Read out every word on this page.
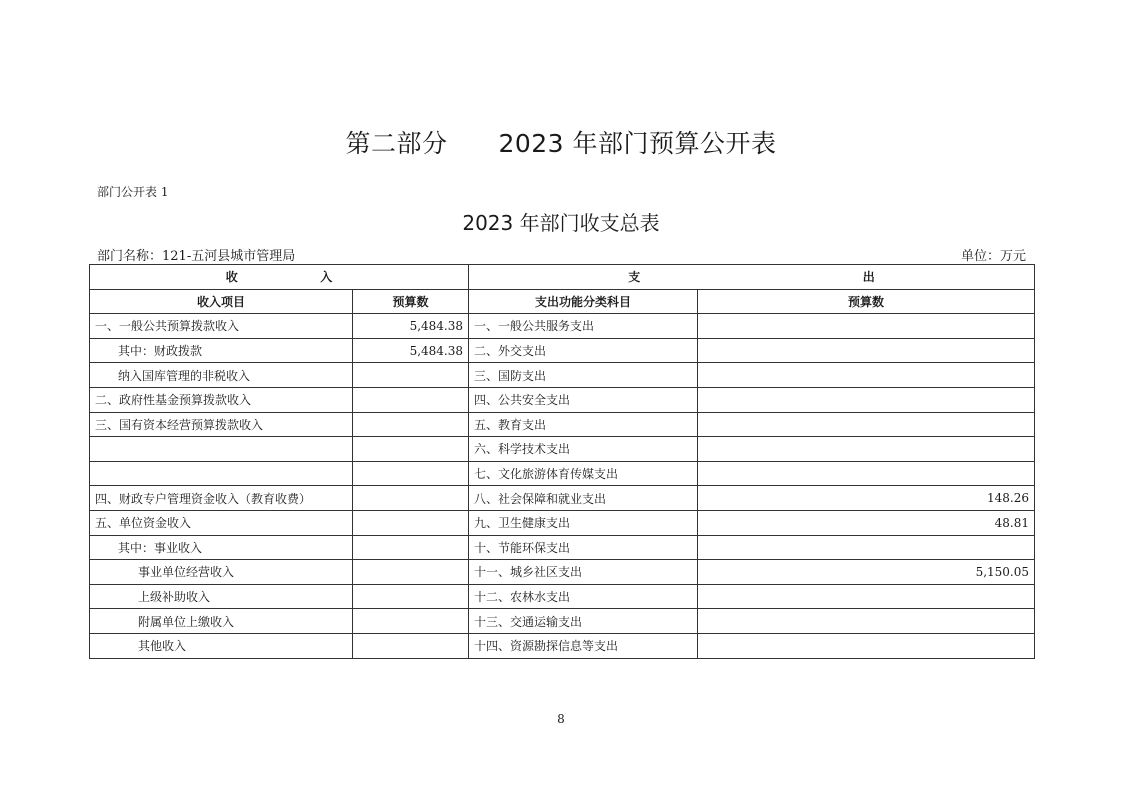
第二部分　　2023 年部门预算公开表
部门公开表 1
2023 年部门收支总表
部门名称：121-五河县城市管理局	单位：万元
收 入		支 出	
收入项目	预算数	支出功能分类科目	预算数
一、一般公共预算拨款收入	5,484.38	一、一般公共服务支出	
其中：财政拨款	5,484.38	二、外交支出	
纳入国库管理的非税收入		三、国防支出	
二、政府性基金预算拨款收入		四、公共安全支出	
三、国有资本经营预算拨款收入		五、教育支出	
		六、科学技术支出	
		七、文化旅游体育传媒支出	
四、财政专户管理资金收入（教育收费）		八、社会保障和就业支出	148.26
五、单位资金收入		九、卫生健康支出	48.81
其中：事业收入		十、节能环保支出	
事业单位经营收入		十一、城乡社区支出	5,150.05
上级补助收入		十二、农林水支出	
附属单位上缴收入		十三、交通运输支出	
其他收入		十四、资源勘探信息等支出	
8
